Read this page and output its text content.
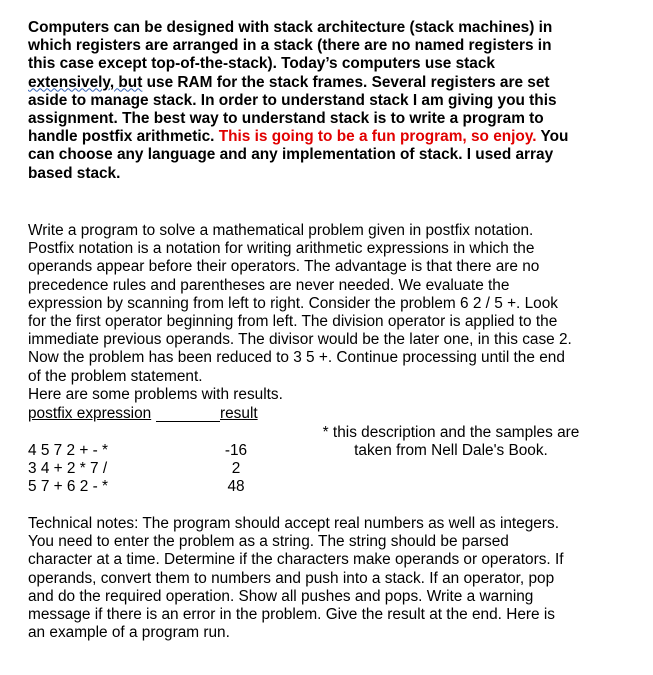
Computers can be designed with stack architecture (stack machines) in
which registers are arranged in a stack (there are no named registers in
this case except top-of-the-stack). Today’s computers use stack
extensively, but use RAM for the stack frames. Several registers are set
aside to manage stack. In order to understand stack I am giving you this
assignment. The best way to understand stack is to write a program to
handle postfix arithmetic. This is going to be a fun program, so enjoy. You
can choose any language and any implementation of stack. I used array
based stack.
Write a program to solve a mathematical problem given in postfix notation.
Postfix notation is a notation for writing arithmetic expressions in which the
operands appear before their operators. The advantage is that there are no
precedence rules and parentheses are never needed. We evaluate the
expression by scanning from left to right. Consider the problem 6 2 / 5 +. Look
for the first operator beginning from left. The division operator is applied to the
immediate previous operands. The divisor would be the later one, in this case 2.
Now the problem has been reduced to 3 5 +. Continue processing until the end
of the problem statement.
Here are some problems with results.
postfix expression	result
4 5 7 2 + - *	-16
3 4 + 2 * 7 /	2
5 7 + 6 2 - *	48
* this description and the samples are
taken from Nell Dale's Book.
Technical notes: The program should accept real numbers as well as integers.
You need to enter the problem as a string. The string should be parsed
character at a time. Determine if the characters make operands or operators. If
operands, convert them to numbers and push into a stack. If an operator, pop
and do the required operation. Show all pushes and pops. Write a warning
message if there is an error in the problem. Give the result at the end. Here is
an example of a program run.
